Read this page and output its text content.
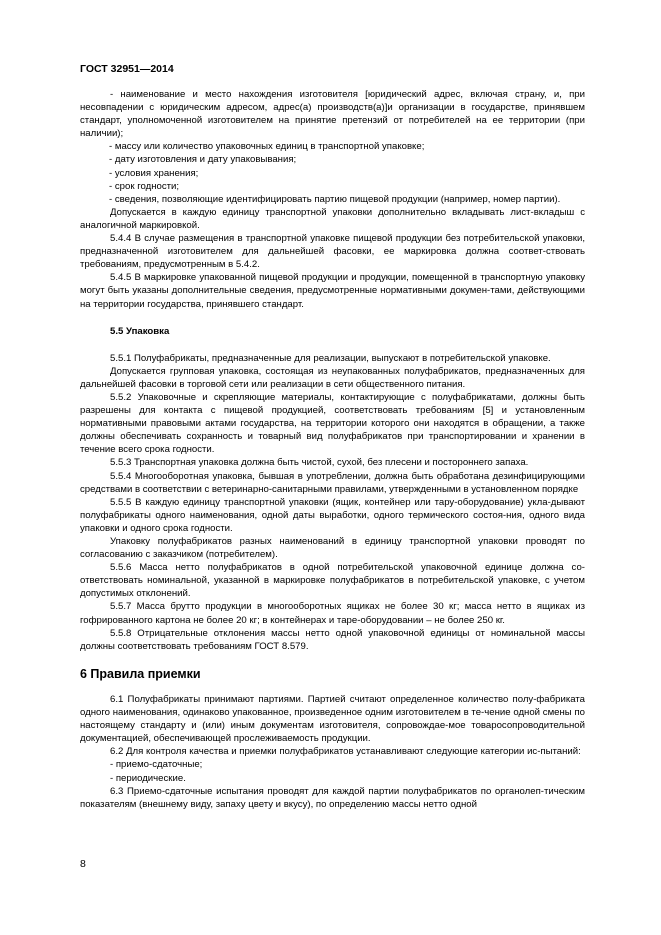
ГОСТ 32951—2014

- наименование и место нахождения изготовителя [юридический адрес, включая страну, и, при несовпадении с юридическим адресом, адрес(а) производств(а)]и организации в государстве, принявшем стандарт, уполномоченной изготовителем на принятие претензий от потребителей на ее территории (при наличии);

- массу или количество упаковочных единиц в транспортной упаковке;

- дату изготовления и дату упаковывания;

- условия хранения;

- срок годности;

- сведения, позволяющие идентифицировать партию пищевой продукции (например, номер партии).

Допускается в каждую единицу транспортной упаковки дополнительно вкладывать лист-вкладыш с аналогичной маркировкой.

5.4.4 В случае размещения в транспортной упаковке пищевой продукции без потребительской упаковки, предназначенной изготовителем для дальнейшей фасовки, ее маркировка должна соответ-ствовать требованиям, предусмотренным в 5.4.2.

5.4.5 В маркировке упакованной пищевой продукции и продукции, помещенной в транспортную упаковку могут быть указаны дополнительные сведения, предусмотренные нормативными докумен-тами, действующими на территории государства, принявшего стандарт.

5.5 Упаковка

5.5.1 Полуфабрикаты, предназначенные для реализации, выпускают в потребительской упаковке.

Допускается групповая упаковка, состоящая из неупакованных полуфабрикатов, предназначенных для дальнейшей фасовки в торговой сети или реализации в сети общественного питания.

5.5.2 Упаковочные и скрепляющие материалы, контактирующие с полуфабрикатами, должны быть разрешены для контакта с пищевой продукцией, соответствовать требованиям [5] и установленным нормативными правовыми актами государства, на территории которого они находятся в обращении, а также должны обеспечивать сохранность и товарный вид полуфабрикатов при транспортировании и хранении в течение всего срока годности.

5.5.3 Транспортная упаковка должна быть чистой, сухой, без плесени и постороннего запаха.

5.5.4 Многооборотная упаковка, бывшая в употреблении, должна быть обработана дезинфицирующими средствами в соответствии с ветеринарно-санитарными правилами, утвержденными в установленном порядке

5.5.5 В каждую единицу транспортной упаковки (ящик, контейнер или тару-оборудование) укла-дывают полуфабрикаты одного наименования, одной даты выработки, одного термического состоя-ния, одного вида упаковки и одного срока годности.

Упаковку полуфабрикатов разных наименований в единицу транспортной упаковки проводят по согласованию с заказчиком (потребителем).

5.5.6 Масса нетто полуфабрикатов в одной потребительской упаковочной единице должна со-ответствовать номинальной, указанной в маркировке полуфабрикатов в потребительской упаковке, с учетом допустимых отклонений.

5.5.7 Масса брутто продукции в многооборотных ящиках не более 30 кг; масса нетто в ящиках из гофрированного картона не более 20 кг; в контейнерах и таре-оборудовании – не более 250 кг.

5.5.8 Отрицательные отклонения массы нетто одной упаковочной единицы от номинальной массы должны соответствовать требованиям ГОСТ 8.579.

6 Правила приемки

6.1 Полуфабрикаты принимают партиями. Партией считают определенное количество полу-фабриката одного наименования, одинаково упакованное, произведенное одним изготовителем в те-чение одной смены по настоящему стандарту и (или) иным документам изготовителя, сопровождае-мое товаросопроводительной документацией, обеспечивающей прослеживаемость продукции.

6.2 Для контроля качества и приемки полуфабрикатов устанавливают следующие категории ис-пытаний:

- приемо-сдаточные;

- периодические.

6.3 Приемо-сдаточные испытания проводят для каждой партии полуфабрикатов по органолеп-тическим показателям (внешнему виду, запаху цвету и вкусу), по определению массы нетто одной

8
